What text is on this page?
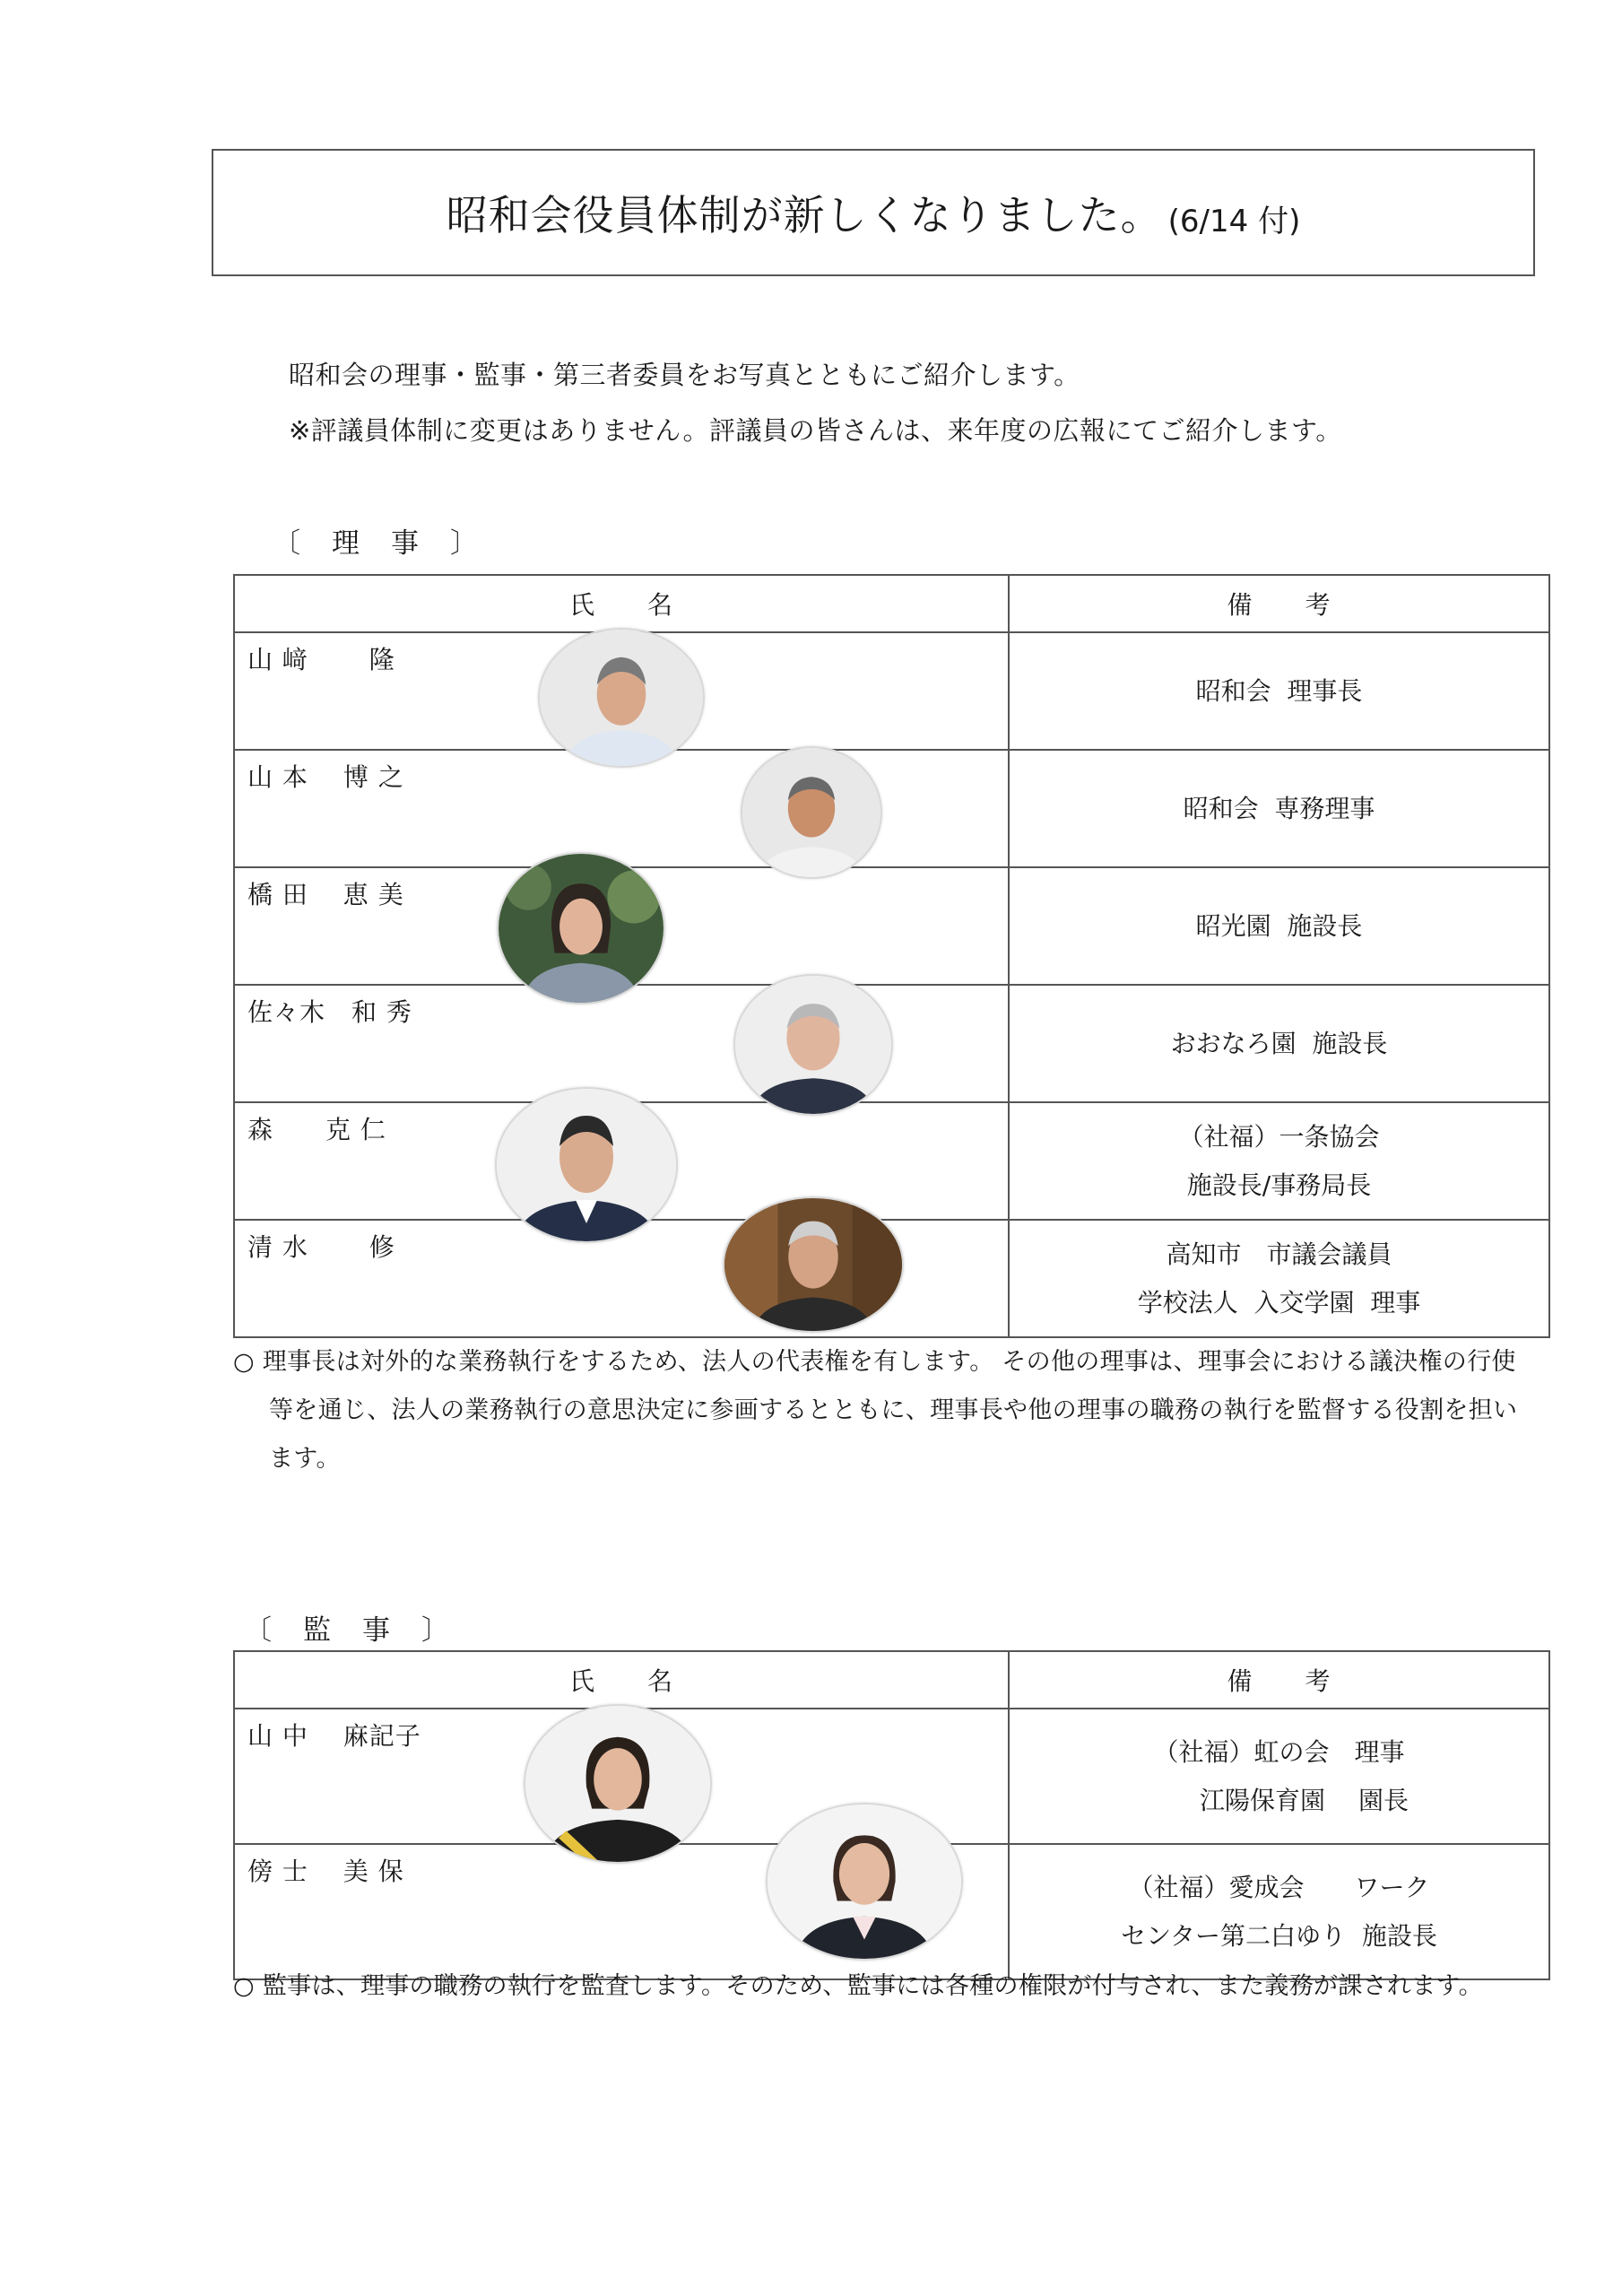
昭和会役員体制が新しくなりました。 (6/14 付)
昭和会の理事・監事・第三者委員をお写真とともにご紹介します。
※評議員体制に変更はありません。評議員の皆さんは、来年度の広報にてご紹介します。
〔　理　事　〕
氏　　名	備　　考

山 﨑　　 隆	昭和会  理事長

山 本　 博 之	昭和会  専務理事

橋 田　 恵 美	昭光園  施設長

佐々木　和 秀	おおなろ園  施設長

森　　克 仁	（社福）一条協会
施設長/事務局長

清 水　　 修	高知市　市議会議員
学校法人  入交学園  理事
○ 理事長は対外的な業務執行をするため、法人の代表権を有します。 その他の理事は、理事会における議決権の行使等を通じ、法人の業務執行の意思決定に参画するとともに、理事長や他の理事の職務の執行を監督する役割を担います。
〔　監　事　〕
氏　　名	備　　考

山 中　 麻記子	（社福）虹の会　理事
　　江陽保育園　 園長

傍 士　 美 保	（社福）愛成会　　ワーク
センター第二白ゆり  施設長
○ 監事は、理事の職務の執行を監査します。そのため、監事には各種の権限が付与され、また義務が課されます。
